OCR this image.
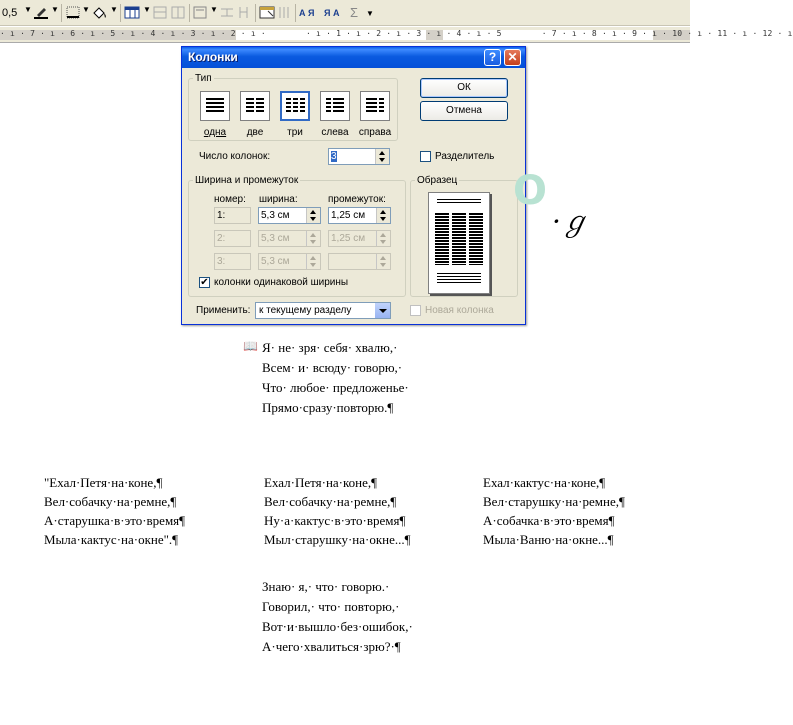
0,5 ▼ ▼	▼	▼	▼	▼	А Я Я А Σ ▼
· ı · 7 · ı · 6 · ı · 5 · ı · 4 · ı · 3 · ı · 2 · ı ·        · ı · 1 · ı · 2 · ı · 3 · ı · 4 · ı · 5        · 7 · ı · 8 · ı · 9 · ı · 10 · ı · 11 · ı · 12 · ı
Колонки	? ✕
Тип
одна	две	три	слева	справа
ОК
Отмена
Число колонок:	3	Разделитель
Ширина и промежуток
номер: ширина:	промежуток:
1:	5,3 см	1,25 см
2:	5,3 см	1,25 см
3:	5,3 см
✔ колонки одинаковой ширины
Образец
Применить: к текущему разделу	Новая колонка
O
·ℊ
📖 Я· не· зря· себя· хвалю,·
Всем· и· всюду· говорю,·
Что· любое· предложенье·
Прямо·сразу·повторю.¶
"Ехал·Петя·на·коне,¶
Вел·собачку·на·ремне,¶
А·старушка·в·это·время¶
Мыла·кактус·на·окне".¶
Ехал·Петя·на·коне,¶
Вел·собачку·на·ремне,¶
Ну·а·кактус·в·это·время¶
Мыл·старушку·на·окне...¶
Ехал·кактус·на·коне,¶
Вел·старушку·на·ремне,¶
А·собачка·в·это·время¶
Мыла·Ваню·на·окне...¶
Знаю· я,· что· говорю.·
Говорил,· что· повторю,·
Вот·и·вышло·без·ошибок,·
А·чего·хвалиться·зрю?·¶
